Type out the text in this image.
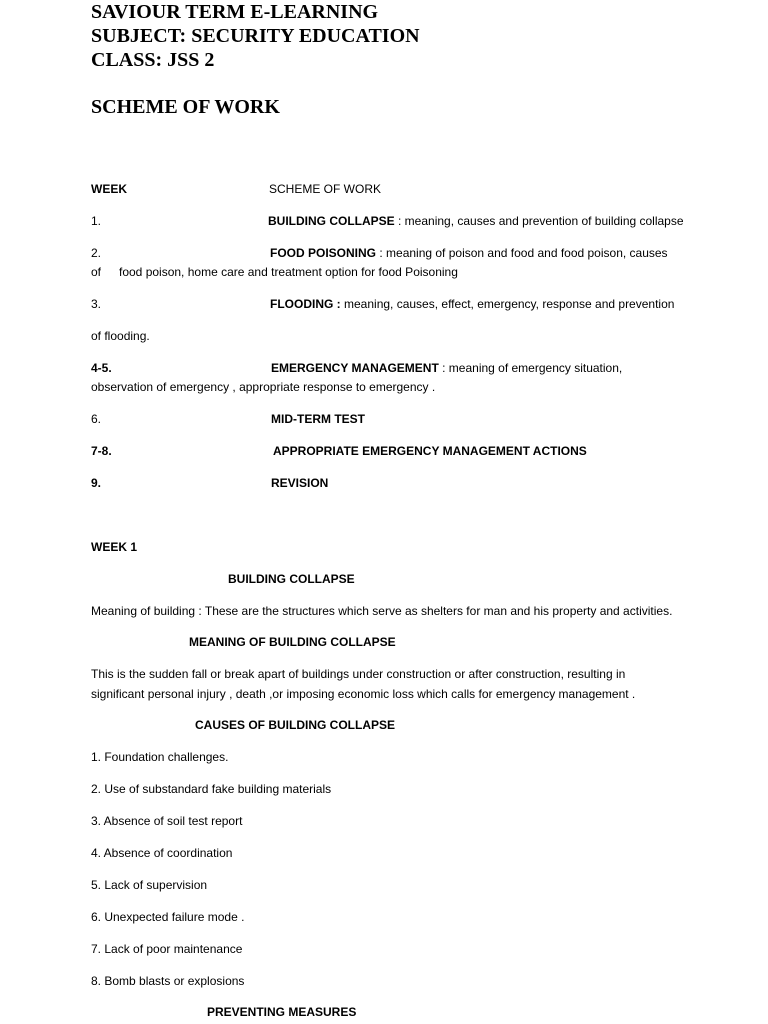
SAVIOUR TERM E-LEARNING
SUBJECT: SECURITY EDUCATION
CLASS: JSS 2
SCHEME OF WORK
WEEK	SCHEME OF WORK
1.	BUILDING COLLAPSE : meaning, causes and prevention of building collapse
2.	FOOD POISONING : meaning of poison and food and food poison, causes
of food poison, home care and treatment option for food Poisoning
3.	FLOODING : meaning, causes, effect, emergency, response and prevention
of flooding.
4-5.	EMERGENCY MANAGEMENT : meaning of emergency situation,
observation of emergency , appropriate response to emergency .
6.	MID-TERM TEST
7-8.	APPROPRIATE EMERGENCY MANAGEMENT ACTIONS
9.	REVISION
WEEK 1
BUILDING COLLAPSE
Meaning of building : These are the structures which serve as shelters for man and his property and activities.
MEANING OF BUILDING COLLAPSE
This is the sudden fall or break apart of buildings under construction or after construction, resulting in
significant personal injury , death ,or imposing economic loss which calls for emergency management .
CAUSES OF BUILDING COLLAPSE
1. Foundation challenges.
2. Use of substandard fake building materials
3. Absence of soil test report
4. Absence of coordination
5. Lack of supervision
6. Unexpected failure mode .
7. Lack of poor maintenance
8. Bomb blasts or explosions
PREVENTING MEASURES
